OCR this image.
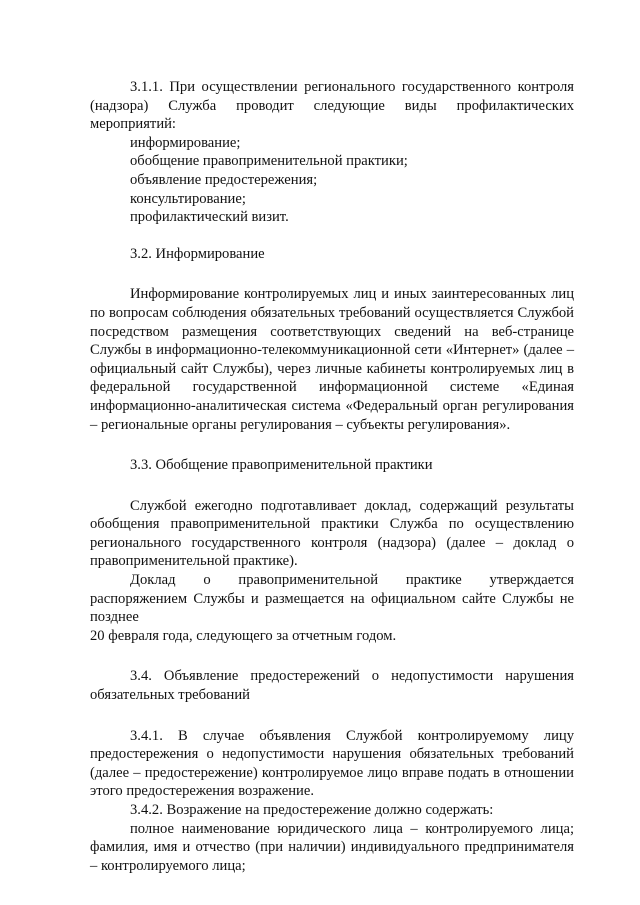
3.1.1. При осуществлении регионального государственного контроля (надзора) Служба проводит следующие виды профилактических мероприятий:

информирование;
обобщение правоприменительной практики;
объявление предостережения;
консультирование;
профилактический визит.

3.2. Информирование

Информирование контролируемых лиц и иных заинтересованных лиц по вопросам соблюдения обязательных требований осуществляется Службой посредством размещения соответствующих сведений на веб-странице Службы в информационно-телекоммуникационной сети «Интернет» (далее – официальный сайт Службы), через личные кабинеты контролируемых лиц в федеральной государственной информационной системе «Единая информационно-аналитическая система «Федеральный орган регулирования – региональные органы регулирования – субъекты регулирования».

3.3. Обобщение правоприменительной практики

Службой ежегодно подготавливает доклад, содержащий результаты обобщения правоприменительной практики Служба по осуществлению регионального государственного контроля (надзора) (далее – доклад о правоприменительной практике).

Доклад о правоприменительной практике утверждается распоряжением Службы и размещается на официальном сайте Службы не позднее

20 февраля года, следующего за отчетным годом.

3.4. Объявление предостережений о недопустимости нарушения обязательных требований

3.4.1. В случае объявления Службой контролируемому лицу предостережения о недопустимости нарушения обязательных требований (далее – предостережение) контролируемое лицо вправе подать в отношении этого предостережения возражение.

3.4.2. Возражение на предостережение должно содержать:

полное наименование юридического лица – контролируемого лица; фамилия, имя и отчество (при наличии) индивидуального предпринимателя – контролируемого лица;
